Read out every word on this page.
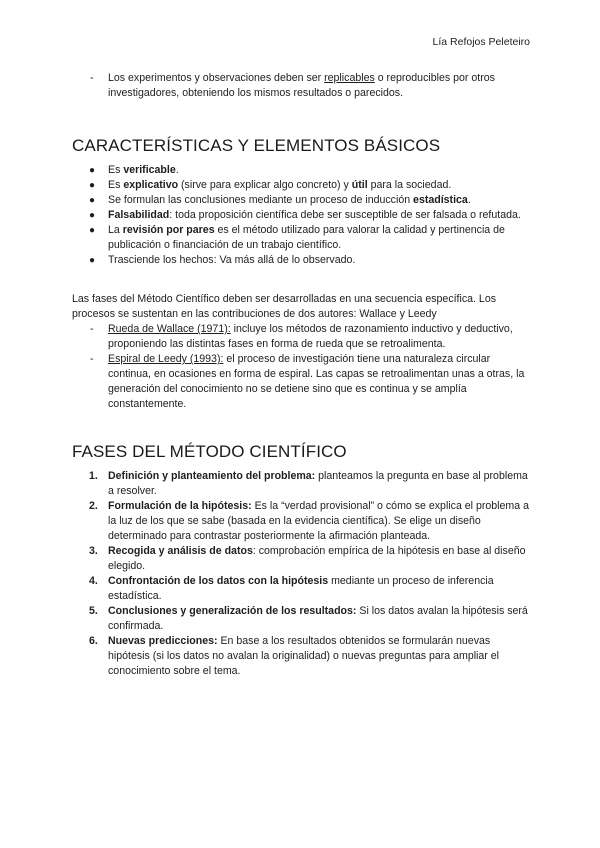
Lía Refojos Peleteiro
-	Los experimentos y observaciones deben ser replicables o reproducibles por otros investigadores, obteniendo los mismos resultados o parecidos.
CARACTERÍSTICAS Y ELEMENTOS BÁSICOS
● Es verificable.
● Es explicativo (sirve para explicar algo concreto) y útil para la sociedad.
● Se formulan las conclusiones mediante un proceso de inducción estadística.
● Falsabilidad: toda proposición científica debe ser susceptible de ser falsada o refutada.
● La revisión por pares es el método utilizado para valorar la calidad y pertinencia de publicación o financiación de un trabajo científico.
● Trasciende los hechos: Va más allá de lo observado.
Las fases del Método Científico deben ser desarrolladas en una secuencia específica. Los procesos se sustentan en las contribuciones de dos autores: Wallace y Leedy
-	Rueda de Wallace (1971): incluye los métodos de razonamiento inductivo y deductivo, proponiendo las distintas fases en forma de rueda que se retroalimenta.
-	Espiral de Leedy (1993): el proceso de investigación tiene una naturaleza circular continua, en ocasiones en forma de espiral. Las capas se retroalimentan unas a otras, la generación del conocimiento no se detiene sino que es continua y se amplía constantemente.
FASES DEL MÉTODO CIENTÍFICO
1. Definición y planteamiento del problema: planteamos la pregunta en base al problema a resolver.
2. Formulación de la hipótesis: Es la “verdad provisional” o cómo se explica el problema a la luz de los que se sabe (basada en la evidencia científica). Se elige un diseño determinado para contrastar posteriormente la afirmación planteada.
3. Recogida y análisis de datos: comprobación empírica de la hipótesis en base al diseño elegido.
4. Confrontación de los datos con la hipótesis mediante un proceso de inferencia estadística.
5. Conclusiones y generalización de los resultados: Si los datos avalan la hipótesis será confirmada.
6. Nuevas predicciones: En base a los resultados obtenidos se formularán nuevas hipótesis (si los datos no avalan la originalidad) o nuevas preguntas para ampliar el conocimiento sobre el tema.
